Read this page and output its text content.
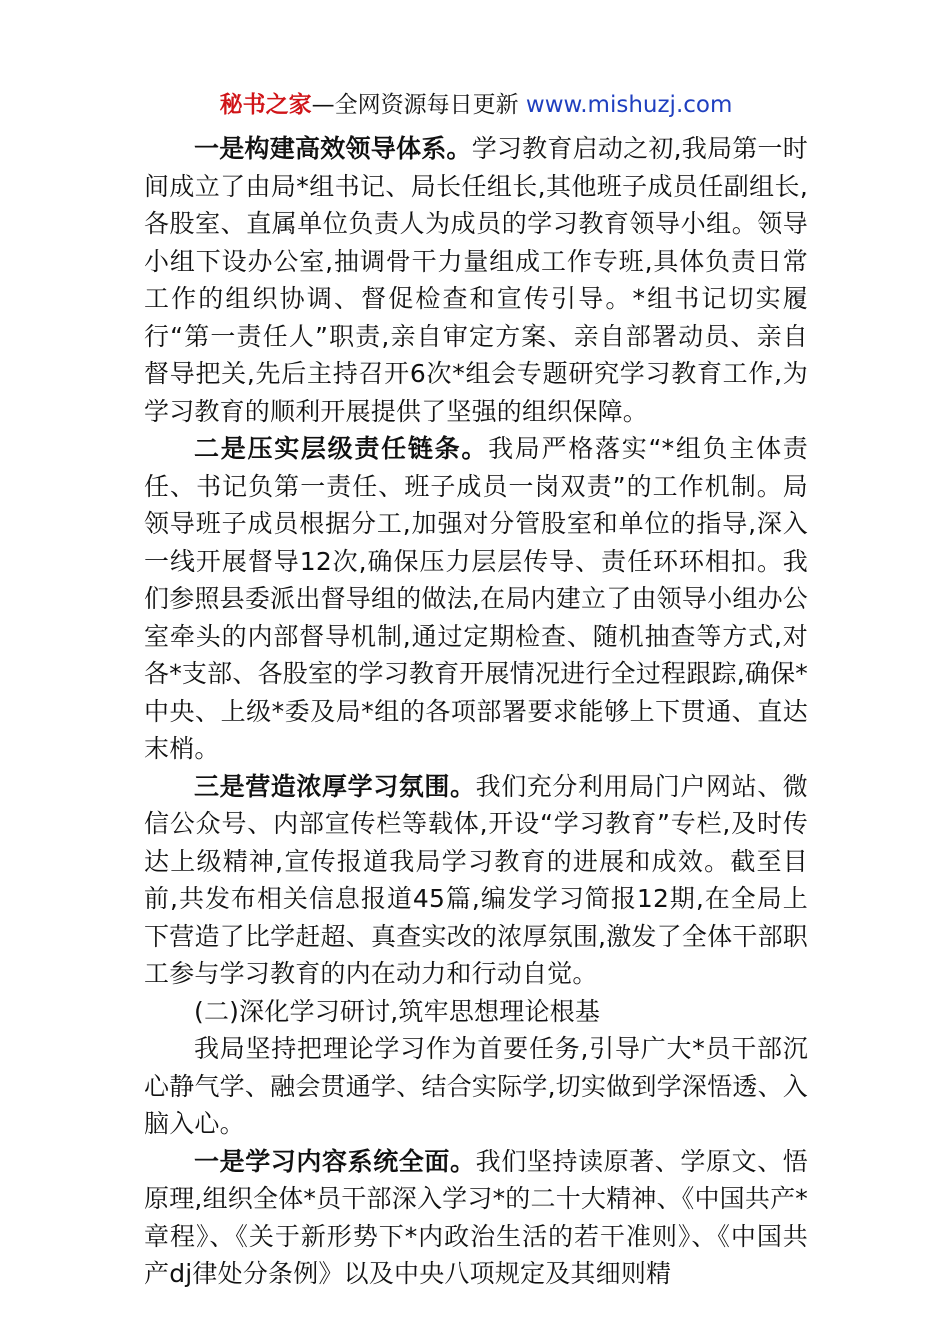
秘书之家—全网资源每日更新 www.mishuzj.com

一是构建高效领导体系。学习教育启动之初,我局第一时间成立了由局*组书记、局长任组长,其他班子成员任副组长,各股室、直属单位负责人为成员的学习教育领导小组。领导小组下设办公室,抽调骨干力量组成工作专班,具体负责日常工作的组织协调、督促检查和宣传引导。*组书记切实履行“第一责任人”职责,亲自审定方案、亲自部署动员、亲自督导把关,先后主持召开6次*组会专题研究学习教育工作,为学习教育的顺利开展提供了坚强的组织保障。

二是压实层级责任链条。我局严格落实“*组负主体责任、书记负第一责任、班子成员一岗双责”的工作机制。局领导班子成员根据分工,加强对分管股室和单位的指导,深入一线开展督导12次,确保压力层层传导、责任环环相扣。我们参照县委派出督导组的做法,在局内建立了由领导小组办公室牵头的内部督导机制,通过定期检查、随机抽查等方式,对各*支部、各股室的学习教育开展情况进行全过程跟踪,确保*中央、上级*委及局*组的各项部署要求能够上下贯通、直达末梢。

三是营造浓厚学习氛围。我们充分利用局门户网站、微信公众号、内部宣传栏等载体,开设“学习教育”专栏,及时传达上级精神,宣传报道我局学习教育的进展和成效。截至目前,共发布相关信息报道45篇,编发学习简报12期,在全局上下营造了比学赶超、真查实改的浓厚氛围,激发了全体干部职工参与学习教育的内在动力和行动自觉。

(二)深化学习研讨,筑牢思想理论根基

我局坚持把理论学习作为首要任务,引导广大*员干部沉心静气学、融会贯通学、结合实际学,切实做到学深悟透、入脑入心。

一是学习内容系统全面。我们坚持读原著、学原文、悟原理,组织全体*员干部深入学习*的二十大精神、《中国共产*章程》、《关于新形势下*内政治生活的若干准则》、《中国共产dj律处分条例》以及中央八项规定及其细则精
